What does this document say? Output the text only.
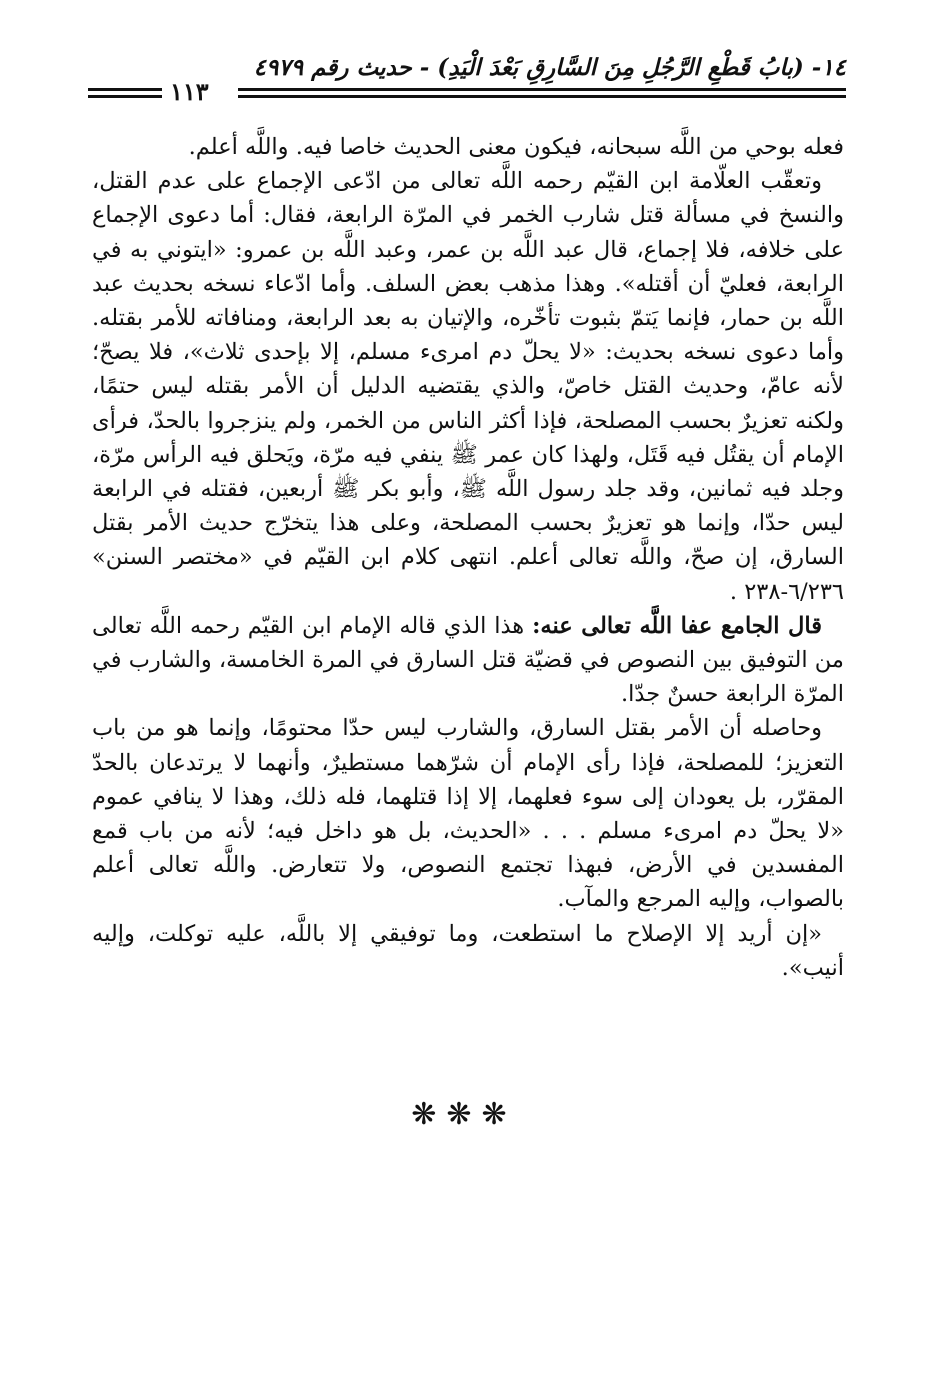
١٤- (بابُ قَطْعِ الرَّجُلِ مِنَ السَّارِقِ بَعْدَ الْيَدِ) - حديث رقم ٤٩٧٩
١١٣

فعله بوحي من اللَّه سبحانه، فيكون معنى الحديث خاصا فيه. واللَّه أعلم.

وتعقّب العلّامة ابن القيّم رحمه اللَّه تعالى من ادّعى الإجماع على عدم القتل، والنسخ في مسألة قتل شارب الخمر في المرّة الرابعة، فقال: أما دعوى الإجماع على خلافه، فلا إجماع، قال عبد اللَّه بن عمر، وعبد اللَّه بن عمرو: «ايتوني به في الرابعة، فعليّ أن أقتله». وهذا مذهب بعض السلف. وأما ادّعاء نسخه بحديث عبد اللَّه بن حمار، فإنما يَتمّ بثبوت تأخّره، والإتيان به بعد الرابعة، ومنافاته للأمر بقتله. وأما دعوى نسخه بحديث: «لا يحلّ دم امرىء مسلم، إلا بإحدى ثلاث»، فلا يصحّ؛ لأنه عامّ، وحديث القتل خاصّ، والذي يقتضيه الدليل أن الأمر بقتله ليس حتمًا، ولكنه تعزيرٌ بحسب المصلحة، فإذا أكثر الناس من الخمر، ولم ينزجروا بالحدّ، فرأى الإمام أن يقتُل فيه قَتَل، ولهذا كان عمر ﷺ ينفي فيه مرّة، ويَحلق فيه الرأس مرّة، وجلد فيه ثمانين، وقد جلد رسول اللَّه ﷺ، وأبو بكر ﷺ أربعين، فقتله في الرابعة ليس حدّا، وإنما هو تعزيرٌ بحسب المصلحة، وعلى هذا يتخرّج حديث الأمر بقتل السارق، إن صحّ، واللَّه تعالى أعلم. انتهى كلام ابن القيّم في «مختصر السنن» ٦/٢٣٦-٢٣٨ .

قال الجامع عفا اللَّه تعالى عنه: هذا الذي قاله الإمام ابن القيّم رحمه اللَّه تعالى من التوفيق بين النصوص في قضيّة قتل السارق في المرة الخامسة، والشارب في المرّة الرابعة حسنٌ جدّا.

وحاصله أن الأمر بقتل السارق، والشارب ليس حدّا محتومًا، وإنما هو من باب التعزيز؛ للمصلحة، فإذا رأى الإمام أن شرّهما مستطيرٌ، وأنهما لا يرتدعان بالحدّ المقرّر، بل يعودان إلى سوء فعلهما، إلا إذا قتلهما، فله ذلك، وهذا لا ينافي عموم «لا يحلّ دم امرىء مسلم . . . «الحديث، بل هو داخل فيه؛ لأنه من باب قمع المفسدين في الأرض، فبهذا تجتمع النصوص، ولا تتعارض. واللَّه تعالى أعلم بالصواب، وإليه المرجع والمآب.

«إن أريد إلا الإصلاح ما استطعت، وما توفيقي إلا باللَّه، عليه توكلت، وإليه أنيب».

❋❋❋
